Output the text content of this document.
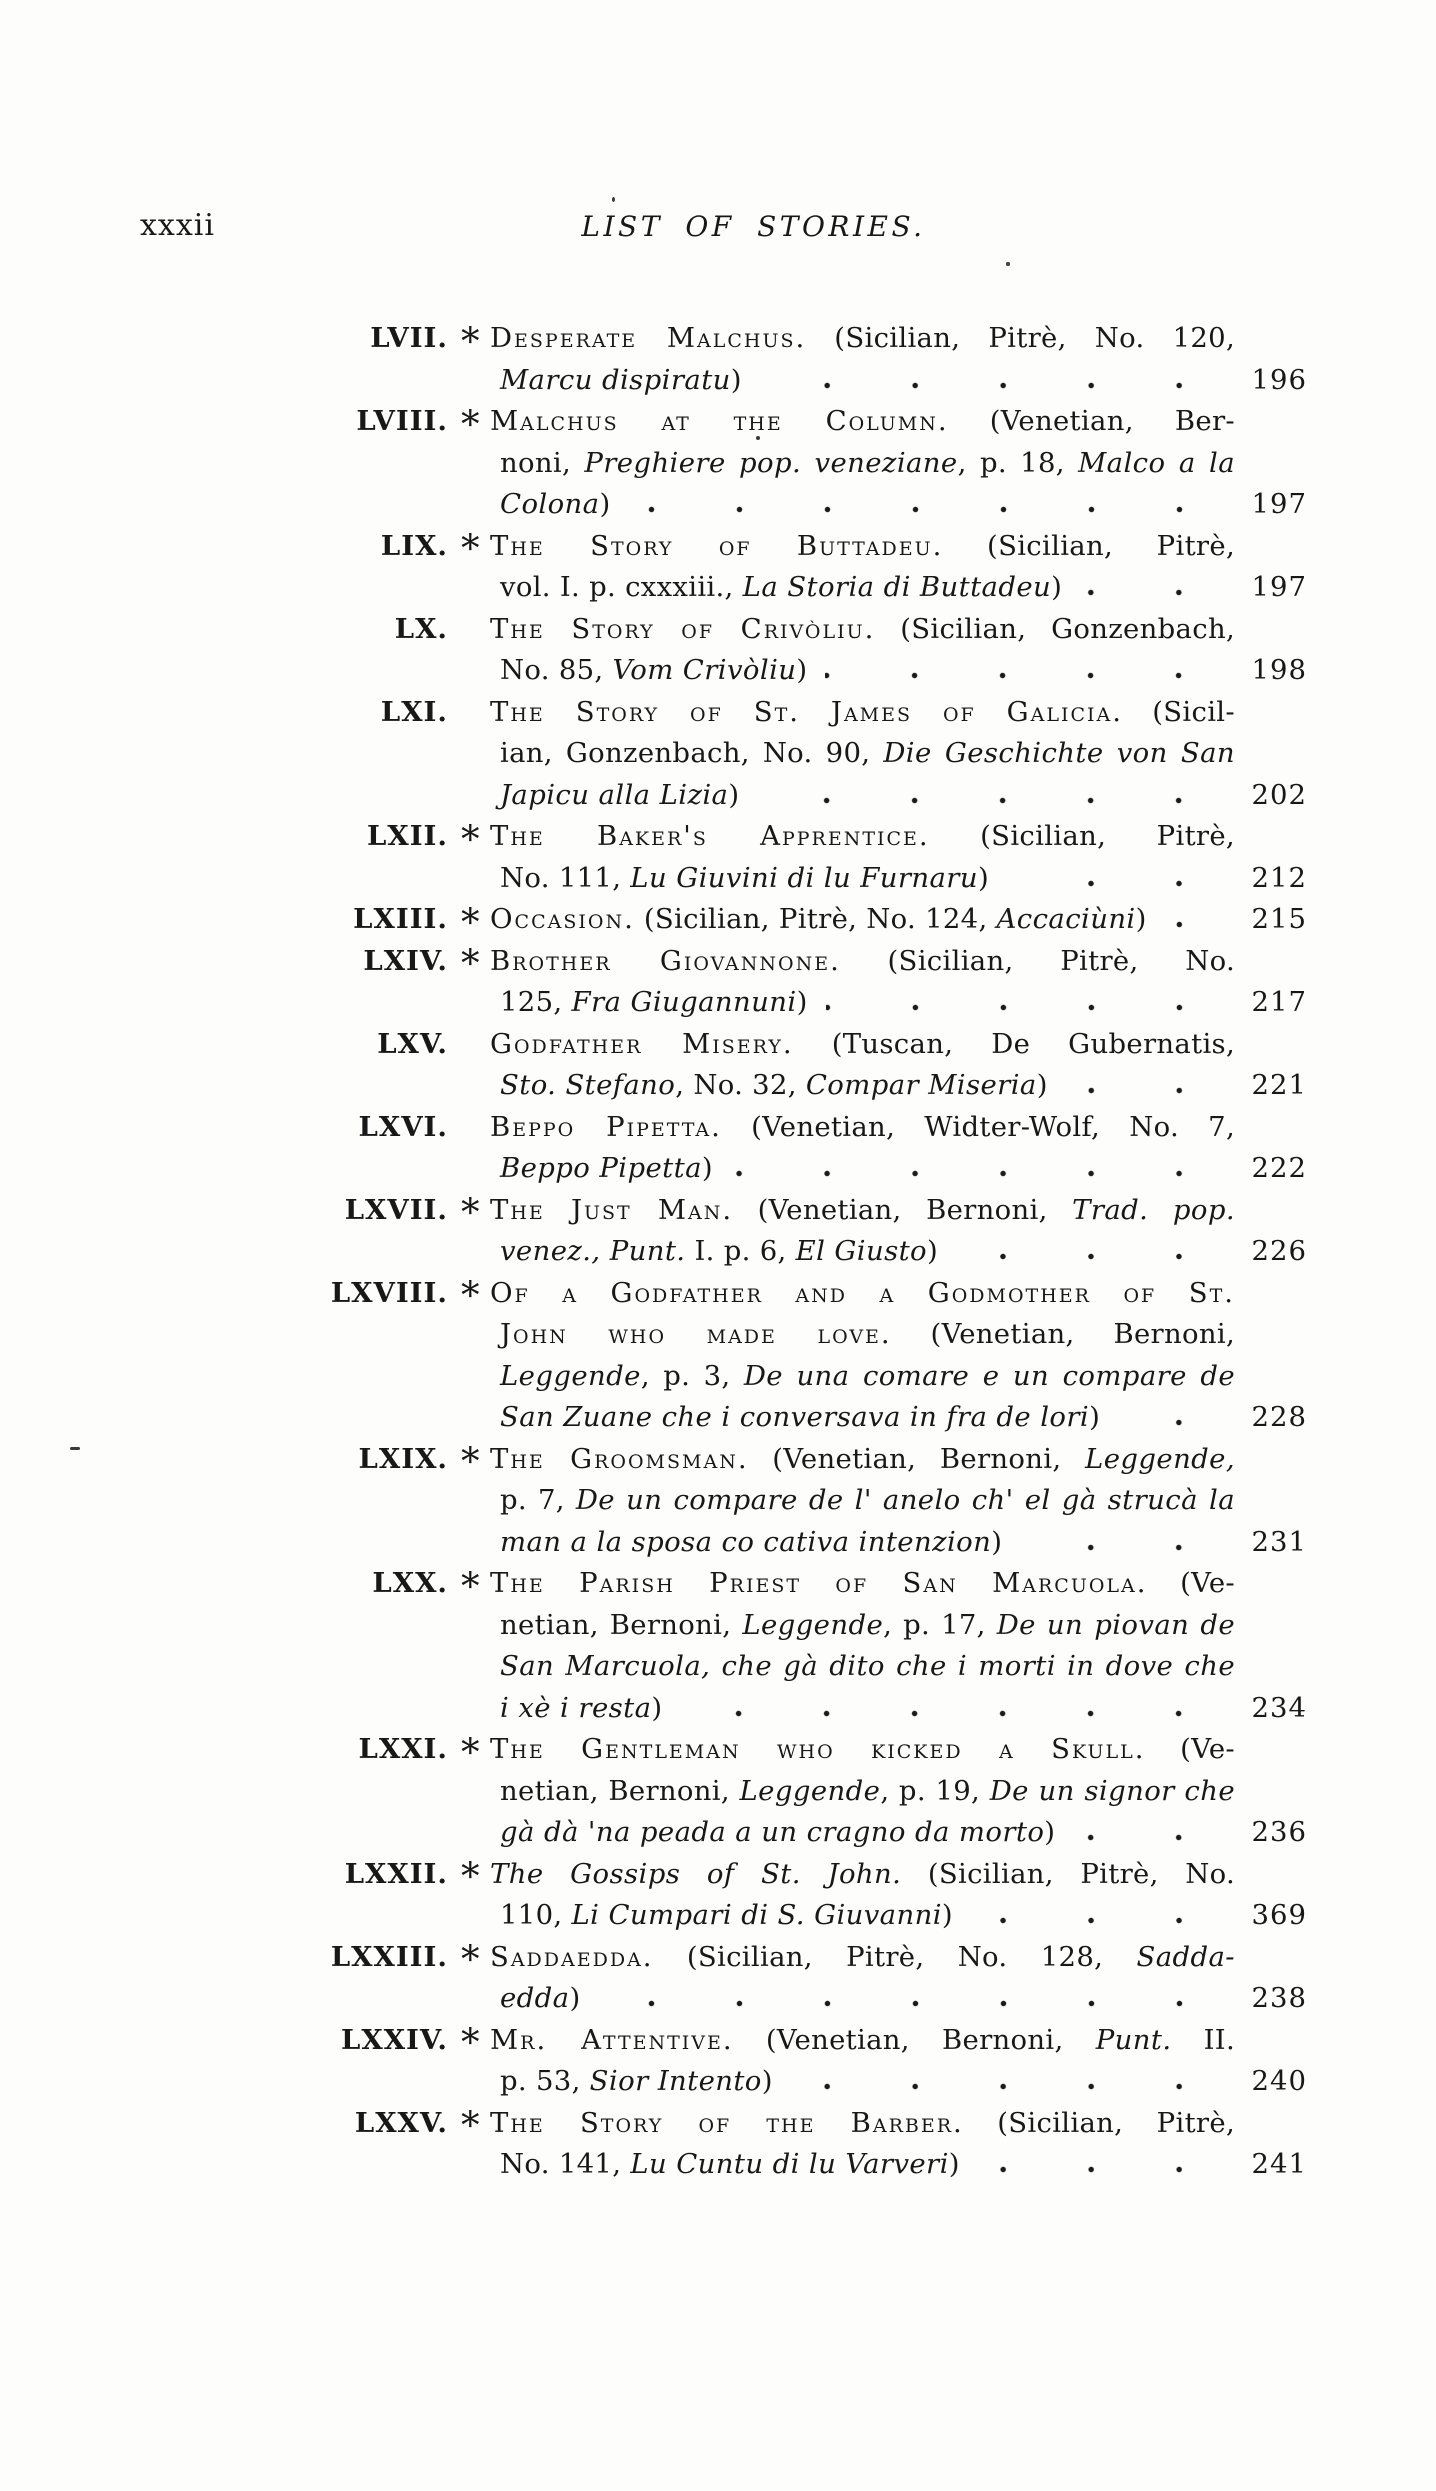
xxxii	LIST OF STORIES.
LVII. * Desperate Malchus. (Sicilian, Pitrè, No. 120,
Marcu dispiratu)	196
LVIII. * Malchus at the Column. (Venetian, Ber-
noni, Preghiere pop. veneziane, p. 18, Malco a la
Colona)	197
LIX. * The Story of Buttadeu. (Sicilian, Pitrè,
vol. I. p. cxxxiii., La Storia di Buttadeu)	197
LX. The Story of Crivòliu. (Sicilian, Gonzenbach,
No. 85, Vom Crivòliu)	198
LXI. The Story of St. James of Galicia. (Sicil-
ian, Gonzenbach, No. 90, Die Geschichte von San
Japicu alla Lizia)	202
LXII. * The Baker's Apprentice. (Sicilian, Pitrè,
No. 111, Lu Giuvini di lu Furnaru)	212
LXIII. * Occasion. (Sicilian, Pitrè, No. 124, Accaciùni)	215
LXIV. * Brother Giovannone. (Sicilian, Pitrè, No.
125, Fra Giugannuni)	217
LXV. Godfather Misery. (Tuscan, De Gubernatis,
Sto. Stefano, No. 32, Compar Miseria)	221
LXVI. Beppo Pipetta. (Venetian, Widter-Wolf, No. 7,
Beppo Pipetta)	222
LXVII. * The Just Man. (Venetian, Bernoni, Trad. pop.
venez., Punt. I. p. 6, El Giusto)	226
LXVIII. * Of a Godfather and a Godmother of St.
John who made love. (Venetian, Bernoni,
Leggende, p. 3, De una comare e un compare de
San Zuane che i conversava in fra de lori)	228
LXIX. * The Groomsman. (Venetian, Bernoni, Leggende,
p. 7, De un compare de l' anelo ch' el gà strucà la
man a la sposa co cativa intenzion)	231
LXX. * The Parish Priest of San Marcuola. (Ve-
netian, Bernoni, Leggende, p. 17, De un piovan de
San Marcuola, che gà dito che i morti in dove che
i xè i resta)	234
LXXI. * The Gentleman who kicked a Skull. (Ve-
netian, Bernoni, Leggende, p. 19, De un signor che
gà dà 'na peada a un cragno da morto)	236
LXXII. * The Gossips of St. John. (Sicilian, Pitrè, No.
110, Li Cumpari di S. Giuvanni)	369
LXXIII. * Saddaedda. (Sicilian, Pitrè, No. 128, Sadda-
edda)	238
LXXIV. * Mr. Attentive. (Venetian, Bernoni, Punt. II.
p. 53, Sior Intento)	240
LXXV. * The Story of the Barber. (Sicilian, Pitrè,
No. 141, Lu Cuntu di lu Varveri)	241
